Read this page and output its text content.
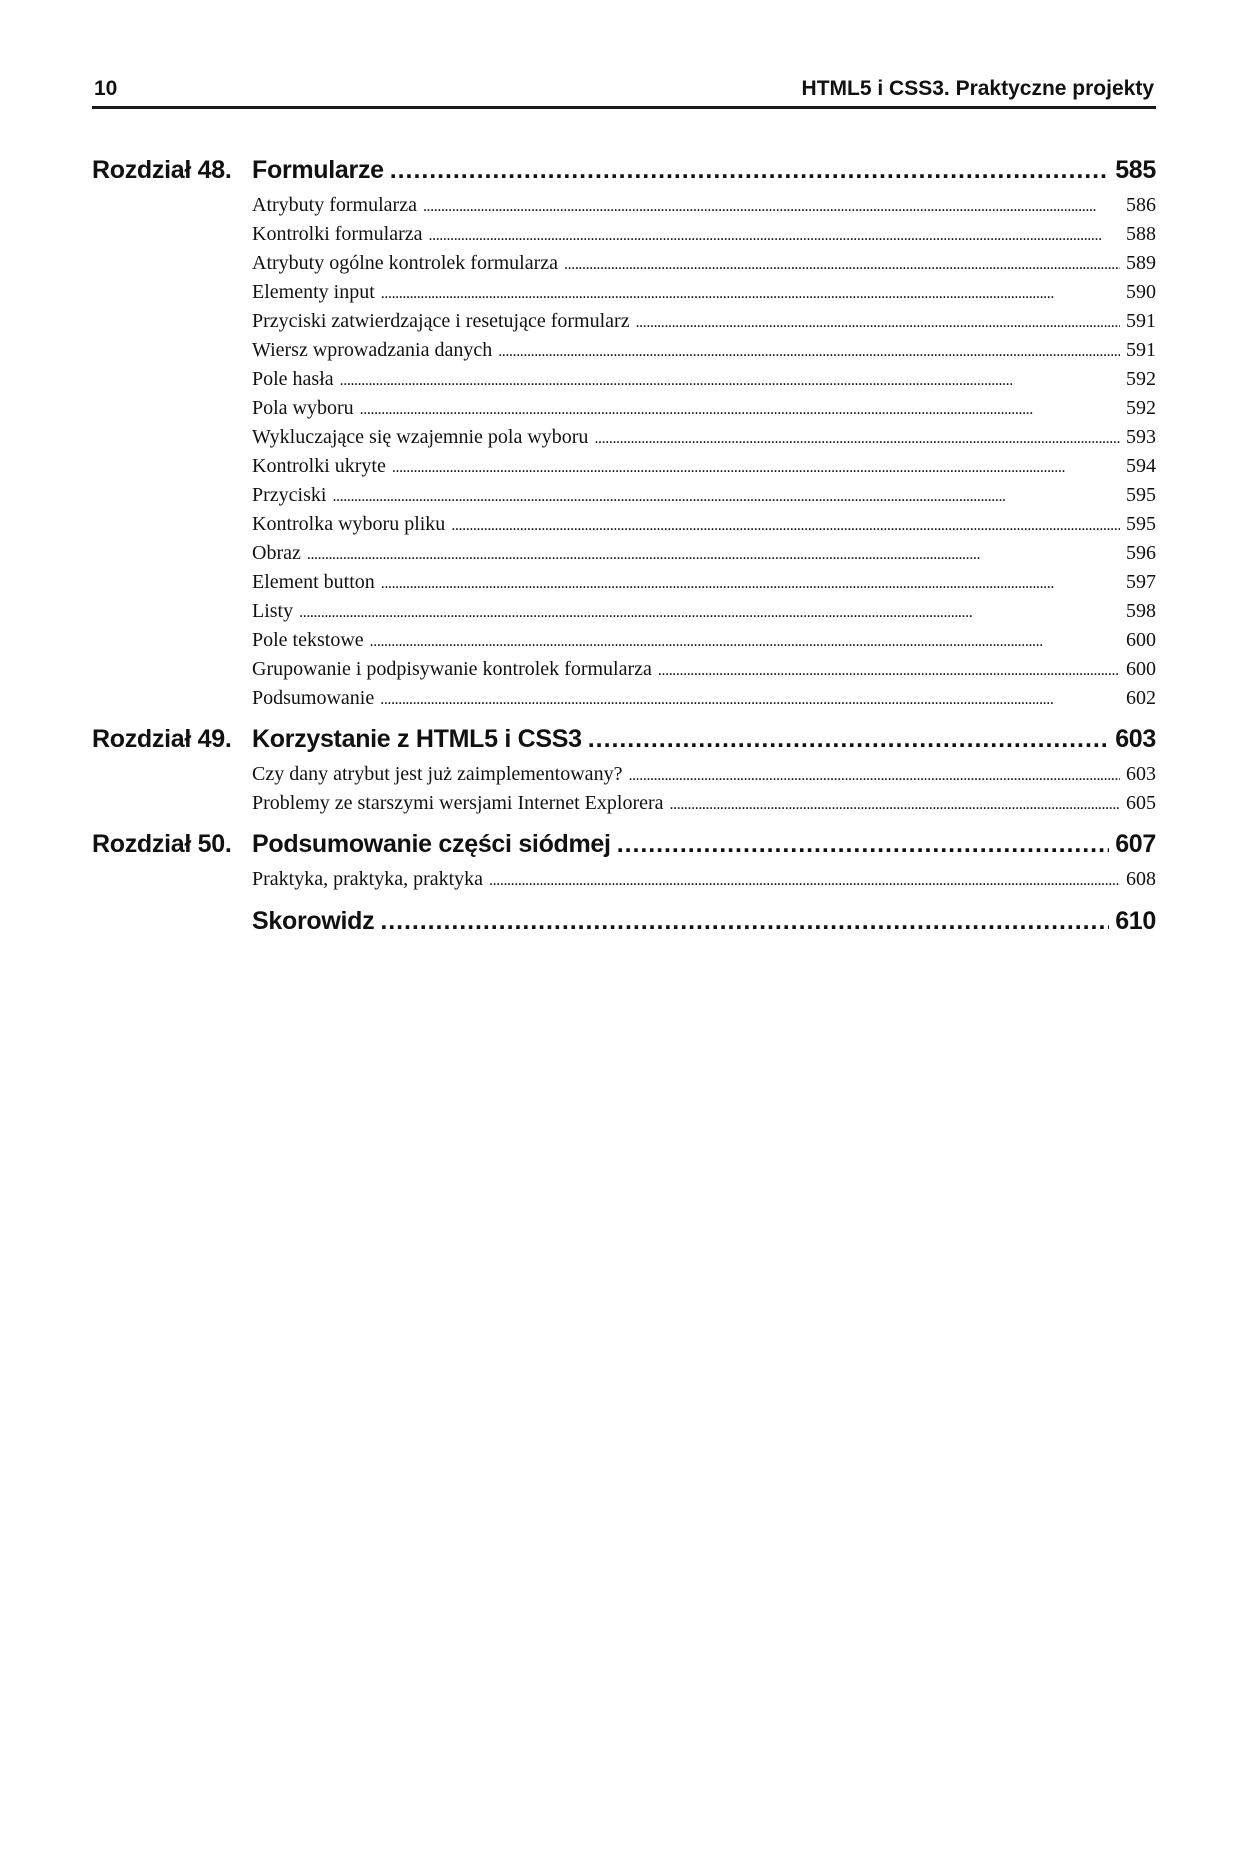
10	HTML5 i CSS3. Praktyczne projekty
Rozdział 48. Formularze . . .	585
Atrybuty formularza . . .	586
Kontrolki formularza . . .	588
Atrybuty ogólne kontrolek formularza . . .	589
Elementy input . . .	590
Przyciski zatwierdzające i resetujące formularz . . .	591
Wiersz wprowadzania danych . . .	591
Pole hasła . . .	592
Pola wyboru . . .	592
Wykluczające się wzajemnie pola wyboru . . .	593
Kontrolki ukryte . . .	594
Przyciski . . .	595
Kontrolka wyboru pliku . . .	595
Obraz . . .	596
Element button . . .	597
Listy . . .	598
Pole tekstowe . . .	600
Grupowanie i podpisywanie kontrolek formularza . . .	600
Podsumowanie . . .	602
Rozdział 49. Korzystanie z HTML5 i CSS3 . . .	603
Czy dany atrybut jest już zaimplementowany? . . .	603
Problemy ze starszymi wersjami Internet Explorera . . .	605
Rozdział 50. Podsumowanie części siódmej . . .	607
Praktyka, praktyka, praktyka . . .	608
Skorowidz . . .	610
